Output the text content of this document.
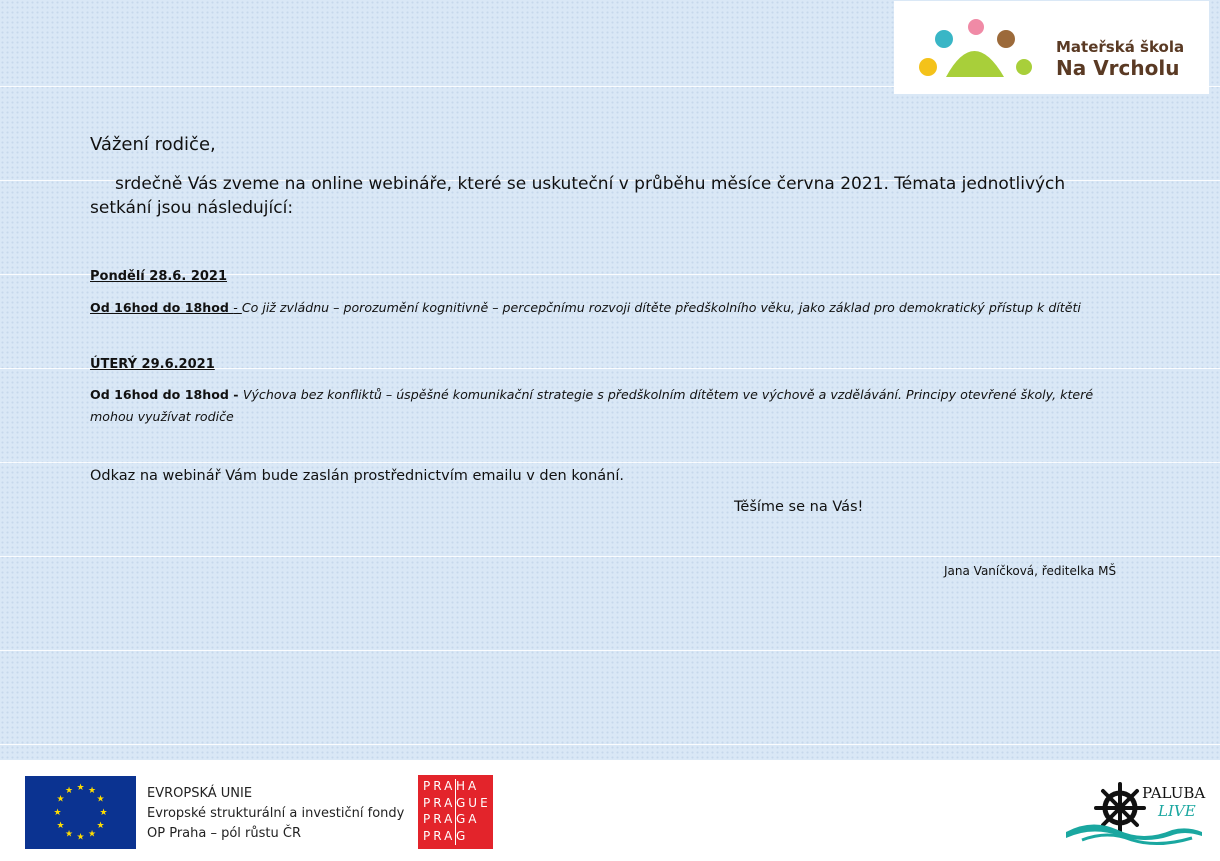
Mateřská škola
Na Vrcholu
Vážení rodiče,
srdečně Vás zveme na online webináře, které se uskuteční v průběhu měsíce června 2021. Témata jednotlivých setkání jsou následující:
Pondělí 28.6. 2021
Od 16hod do 18hod - Co již zvládnu – porozumění kognitivně – percepčnímu rozvoji dítěte předškolního věku, jako základ pro demokratický přístup k dítěti
ÚTERÝ 29.6.2021
Od 16hod do 18hod - Výchova bez konfliktů – úspěšné komunikační strategie s předškolním dítětem ve výchově a vzdělávání. Principy otevřené školy, které mohou využívat rodiče
Odkaz na webinář Vám bude zaslán prostřednictvím emailu v den konání.
Těšíme se na Vás!
Jana Vaníčková, ředitelka MŠ
★ ★
★
★
★
★
★
★
★
★
★
★	EVROPSKÁ UNIE
Evropské strukturální a investiční fondy
OP Praha – pól růstu ČR
PRA HA
PRA GUE
PRA GA
PRA G
PALUBA
LIVE
